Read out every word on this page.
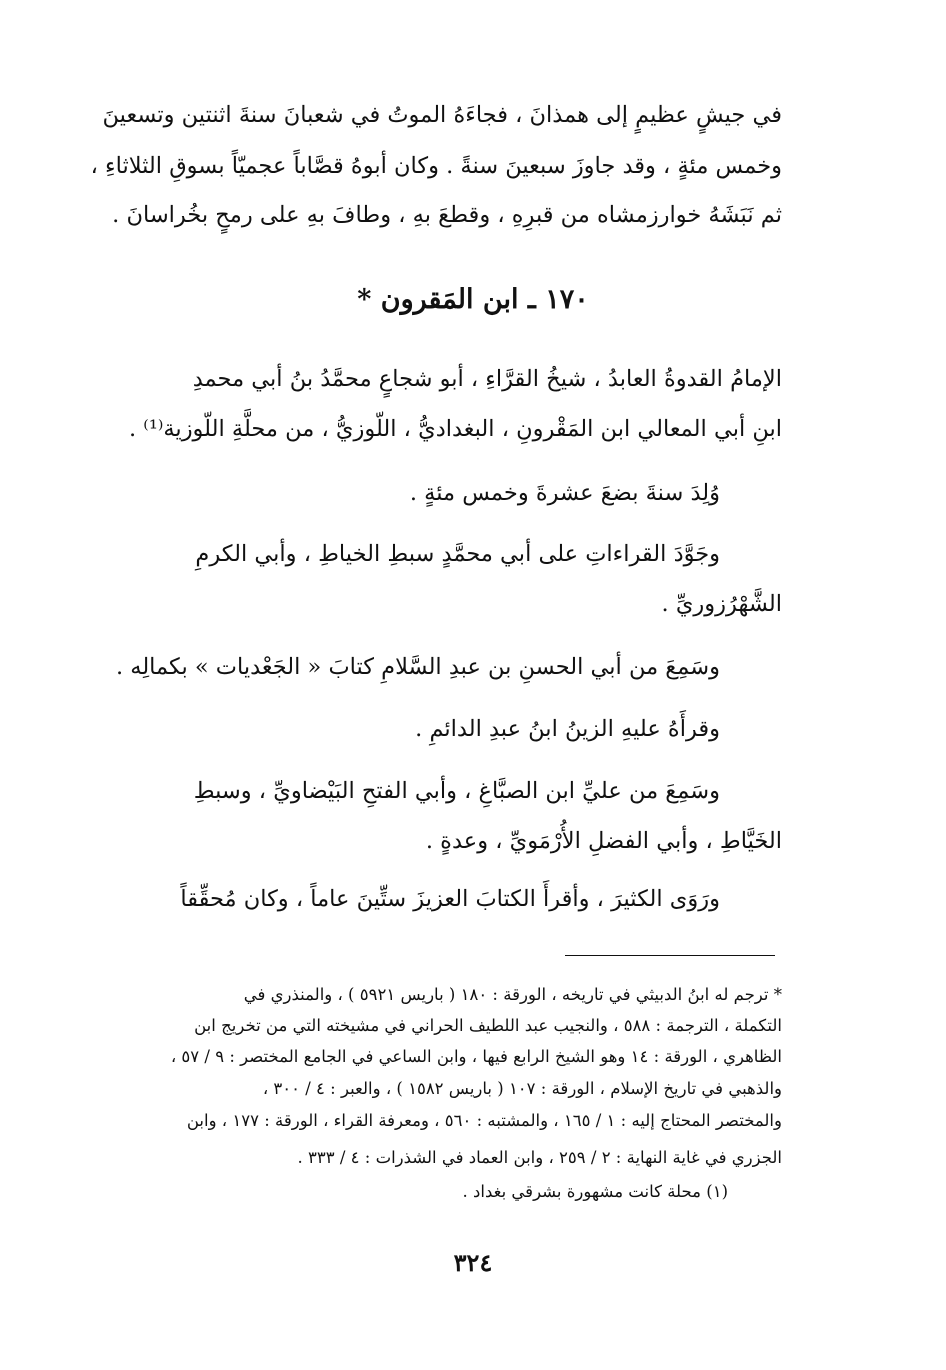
في جيشٍ عظيمٍ إلى همذانَ ، فجاءَهُ الموتُ في شعبانَ سنةَ اثنتين وتسعينَ
وخمس مئةٍ ، وقد جاوزَ سبعينَ سنةً . وكان أبوهُ قصَّاباً عجميّاً بسوقِ الثلاثاءِ ،
ثم نَبَشَهُ خوارزمشاه من قبرِهِ ، وقطعَ بهِ ، وطافَ بهِ على رمحٍ بخُراسانَ .
١٧٠ ـ ابن المَقرون *
الإمامُ القدوةُ العابدُ ، شيخُ القرَّاءِ ، أبو شجاعٍ محمَّدُ بنُ أبي محمدِ
ابنِ أبي المعالي ابن المَقْرونِ ، البغداديُّ ، اللّوزيُّ ، من محلَّةِ اللّوزية⁽¹⁾ .
وُلِدَ سنةَ بضعَ عشرةَ وخمس مئةٍ .
وجَوَّدَ القراءاتِ على أبي محمَّدٍ سبطِ الخياطِ ، وأبي الكرمِ
الشَّهْرُزوريِّ .
وسَمِعَ من أبي الحسنِ بن عبدِ السَّلامِ كتابَ « الجَعْديات » بكمالِه .
وقرأَهُ عليهِ الزينُ ابنُ عبدِ الدائمِ .
وسَمِعَ من عليِّ ابن الصبَّاغِ ، وأبي الفتحِ البَيْضاويِّ ، وسبطِ
الخَيَّاطِ ، وأبي الفضلِ الأُرْمَويِّ ، وعدةٍ .
ورَوَى الكثيرَ ، وأقرأَ الكتابَ العزيزَ ستِّينَ عاماً ، وكان مُحقِّقاً
* ترجم له ابنُ الدبيثي في تاريخه ، الورقة : ١٨٠ ( باريس ٥٩٢١ ) ، والمنذري في
التكملة ، الترجمة : ٥٨٨ ، والنجيب عبد اللطيف الحراني في مشيخته التي من تخريج ابن
الظاهري ، الورقة : ١٤ وهو الشيخ الرابع فيها ، وابن الساعي في الجامع المختصر : ٩ / ٥٧ ،
والذهبي في تاريخ الإسلام ، الورقة : ١٠٧ ( باريس ١٥٨٢ ) ، والعبر : ٤ / ٣٠٠ ،
والمختصر المحتاج إليه : ١ / ١٦٥ ، والمشتبه : ٥٦٠ ، ومعرفة القراء ، الورقة : ١٧٧ ، وابن
الجزري في غاية النهاية : ٢ / ٢٥٩ ، وابن العماد في الشذرات : ٤ / ٣٣٣ .
(١) محلة كانت مشهورة بشرقي بغداد .
٣٢٤
